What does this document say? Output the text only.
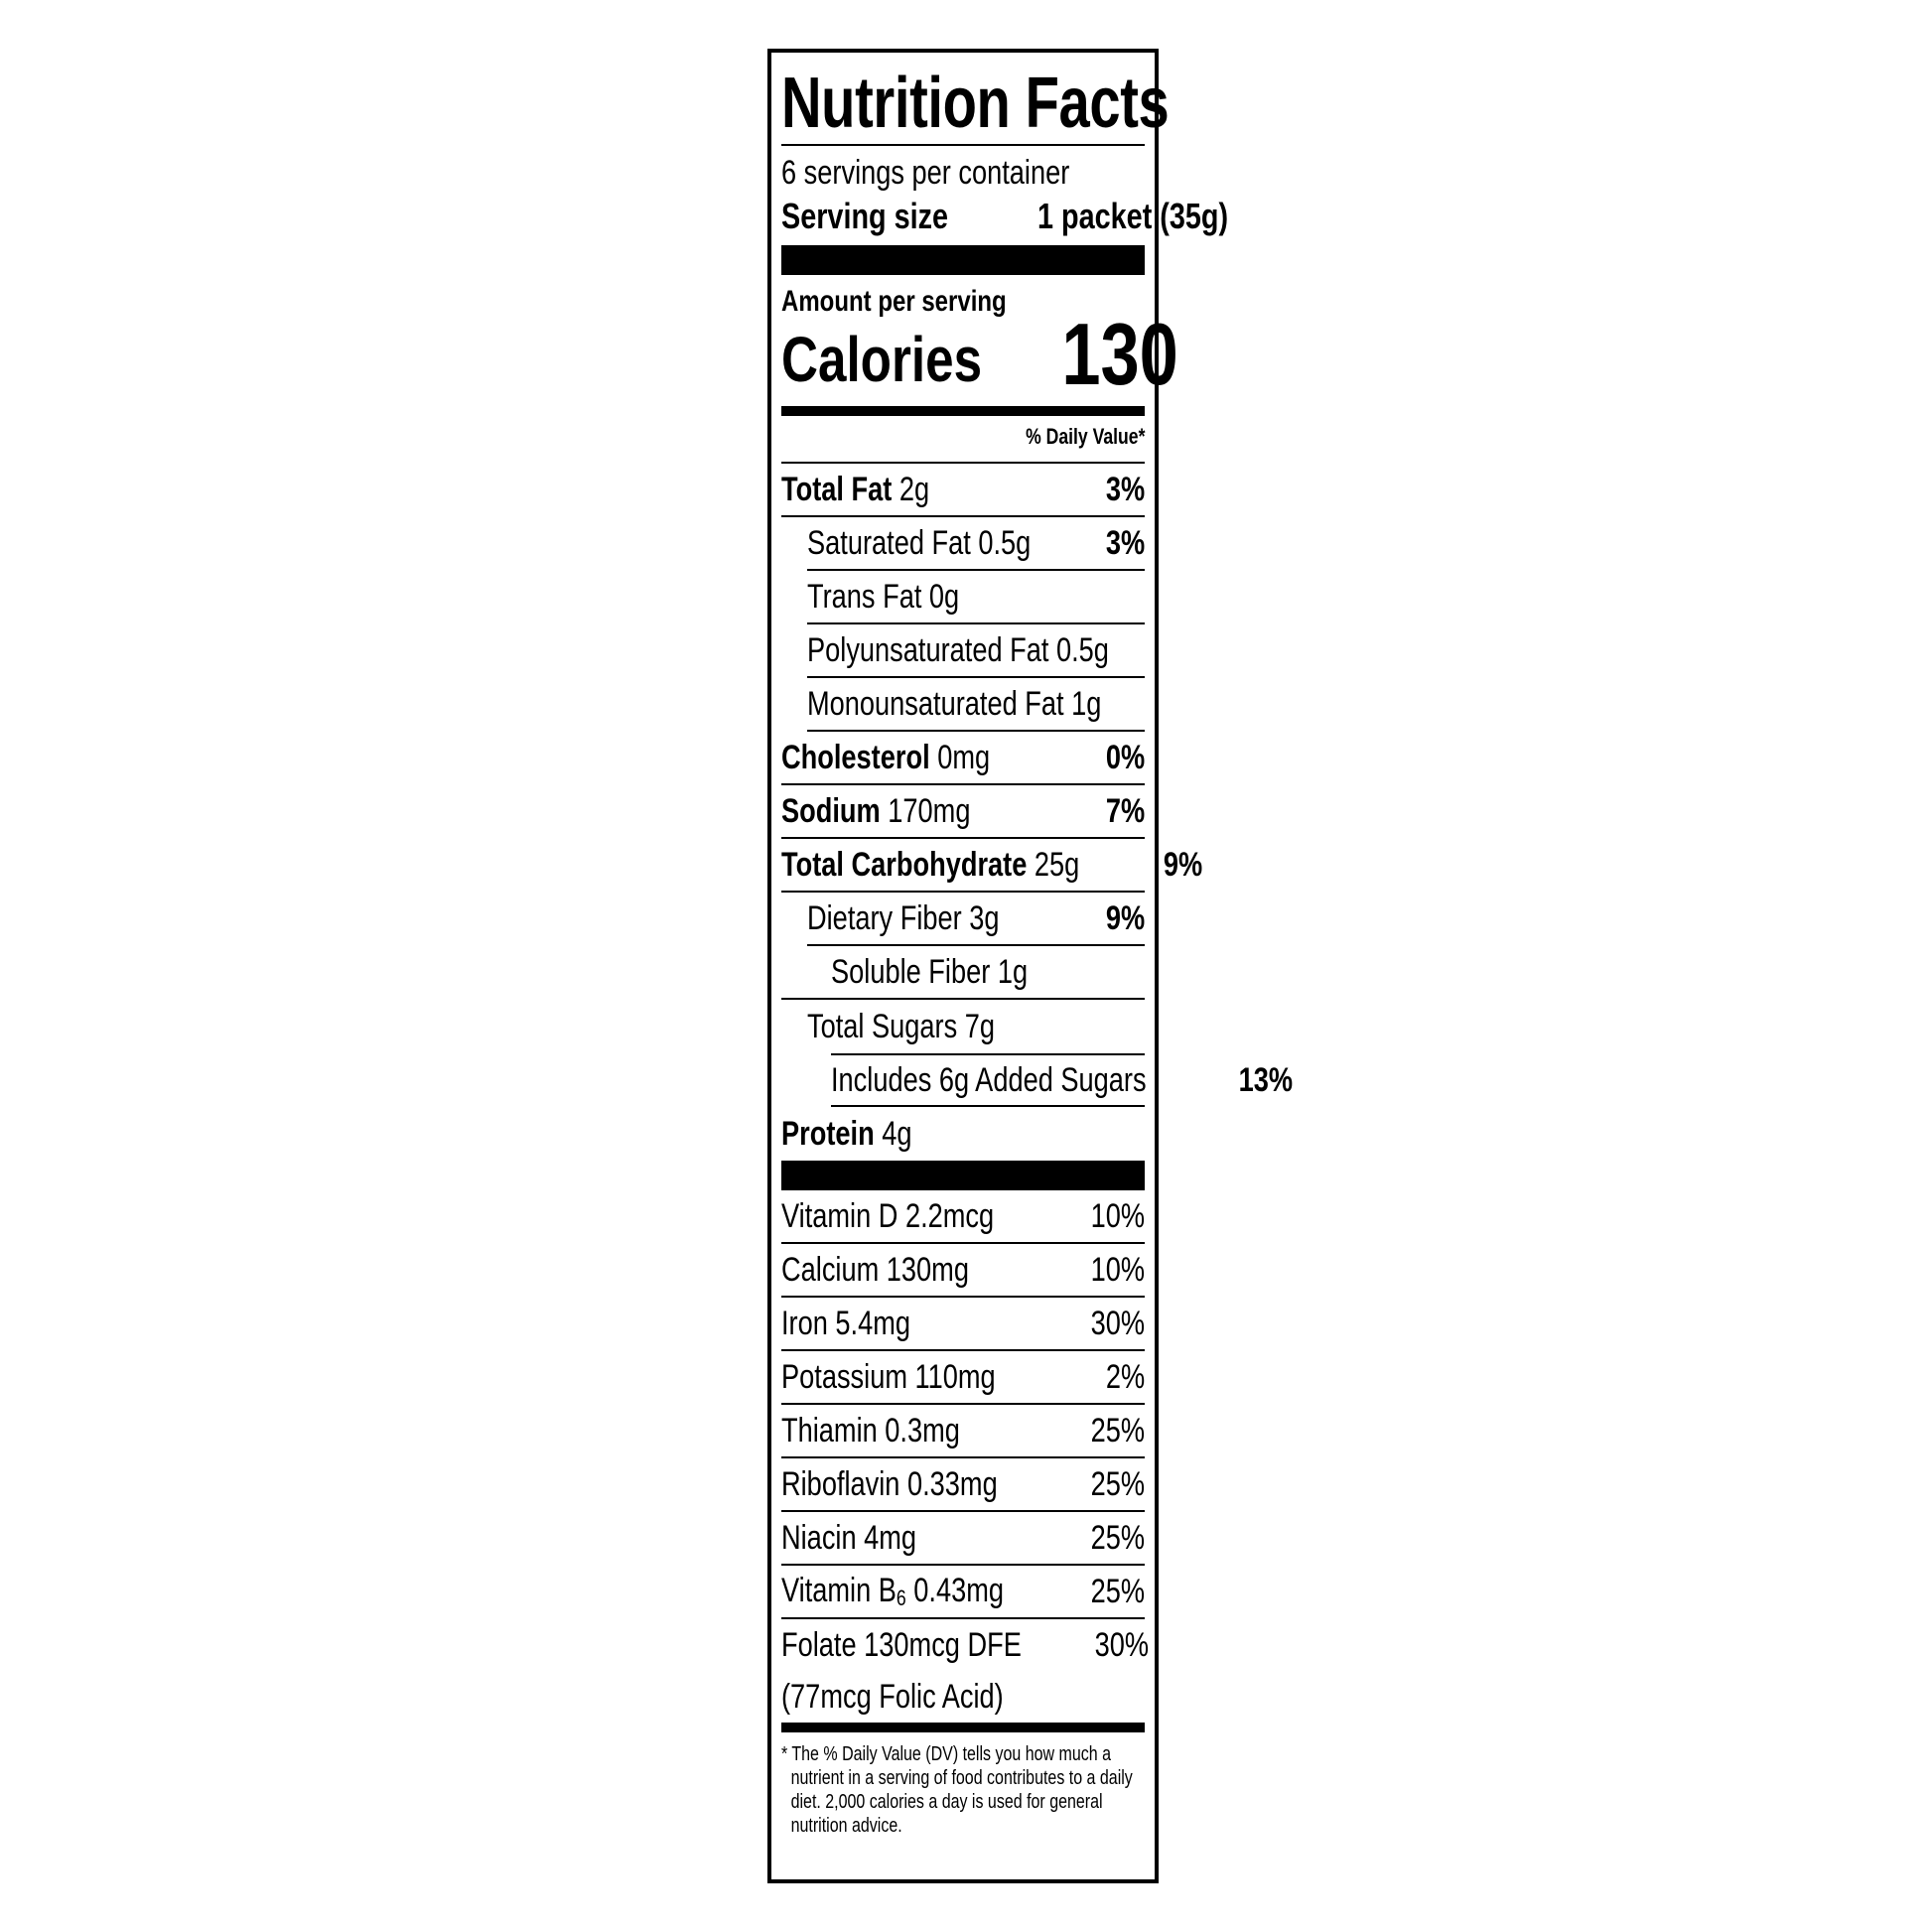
Nutrition Facts
6 servings per container
Serving size	1 packet (35g)
Amount per serving
Calories 130
% Daily Value*
Total Fat 2g	3%
Saturated Fat 0.5g 3%
Trans Fat 0g
Polyunsaturated Fat 0.5g
Monounsaturated Fat 1g
Cholesterol 0mg	0%
Sodium 170mg	7%
Total Carbohydrate 25g 9%
Dietary Fiber 3g	9%
Soluble Fiber 1g
Total Sugars 7g
Includes 6g Added Sugars	13%
Protein 4g
Vitamin D 2.2mcg	10%
Calcium 130mg	10%
Iron 5.4mg	30%
Potassium 110mg	2%
Thiamin 0.3mg	25%
Riboflavin 0.33mg	25%
Niacin 4mg	25%
Vitamin $B_6$ 0.43mg	25%
Folate 130mcg DFE 30%
(77mcg Folic Acid)
* The % Daily Value (DV) tells you how much a nutrient in a serving of food contributes to a daily diet. 2,000 calories a day is used for general nutrition advice.
